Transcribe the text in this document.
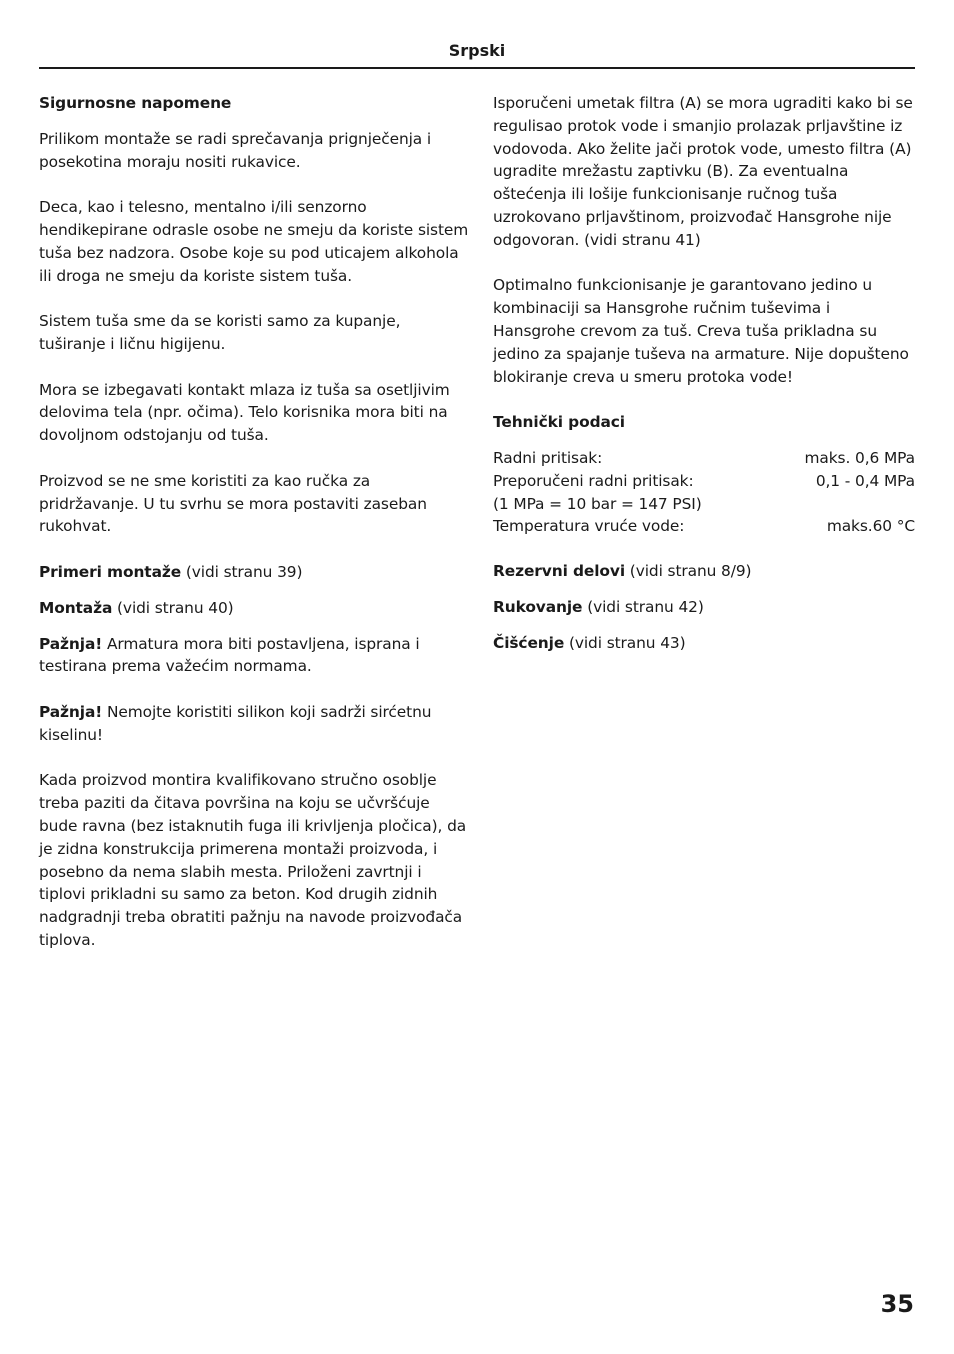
Srpski

Sigurnosne napomene

Prilikom montaže se radi sprečavanja prignječenja i posekotina moraju nositi rukavice.

Deca, kao i telesno, mentalno i/ili senzorno hendikepirane odrasle osobe ne smeju da koriste sistem tuša bez nadzora. Osobe koje su pod uticajem alkohola ili droga ne smeju da koriste sistem tuša.

Sistem tuša sme da se koristi samo za kupanje, tuširanje i ličnu higijenu.

Mora se izbegavati kontakt mlaza iz tuša sa osetljivim delovima tela (npr. očima). Telo korisnika mora biti na dovoljnom odstojanju od tuša.

Proizvod se ne sme koristiti za kao ručka za pridržavanje. U tu svrhu se mora postaviti zaseban rukohvat.

Primeri montaže (vidi stranu 39)

Montaža (vidi stranu 40)

Pažnja! Armatura mora biti postavljena, isprana i testirana prema važećim normama.

Pažnja! Nemojte koristiti silikon koji sadrži sirćetnu kiselinu!

Kada proizvod montira kvalifikovano stručno osoblje treba paziti da čitava površina na koju se učvršćuje bude ravna (bez istaknutih fuga ili krivljenja pločica), da je zidna konstrukcija primerena montaži proizvoda, i posebno da nema slabih mesta. Priloženi zavrtnji i tiplovi prikladni su samo za beton. Kod drugih zidnih nadgradnji treba obratiti pažnju na navode proizvođača tiplova.

Isporučeni umetak filtra (A) se mora ugraditi kako bi se regulisao protok vode i smanjio prolazak prljavštine iz vodovoda. Ako želite jači protok vode, umesto filtra (A) ugradite mrežastu zaptivku (B). Za eventualna oštećenja ili lošije funkcionisanje ručnog tuša uzrokovano prljavštinom, proizvođač Hansgrohe nije odgovoran. (vidi stranu 41)

Optimalno funkcionisanje je garantovano jedino u kombinaciji sa Hansgrohe ručnim tuševima i Hansgrohe crevom za tuš. Creva tuša prikladna su jedino za spajanje tuševa na armature. Nije dopušteno blokiranje creva u smeru protoka vode!

Tehnički podaci

Radni pritisak:	maks. 0,6 MPa
Preporučeni radni pritisak:	0,1 - 0,4 MPa
(1 MPa = 10 bar = 147 PSI)
Temperatura vruće vode:	maks.60 °C

Rezervni delovi (vidi stranu 8/9)

Rukovanje (vidi stranu 42)

Čišćenje (vidi stranu 43)

35
